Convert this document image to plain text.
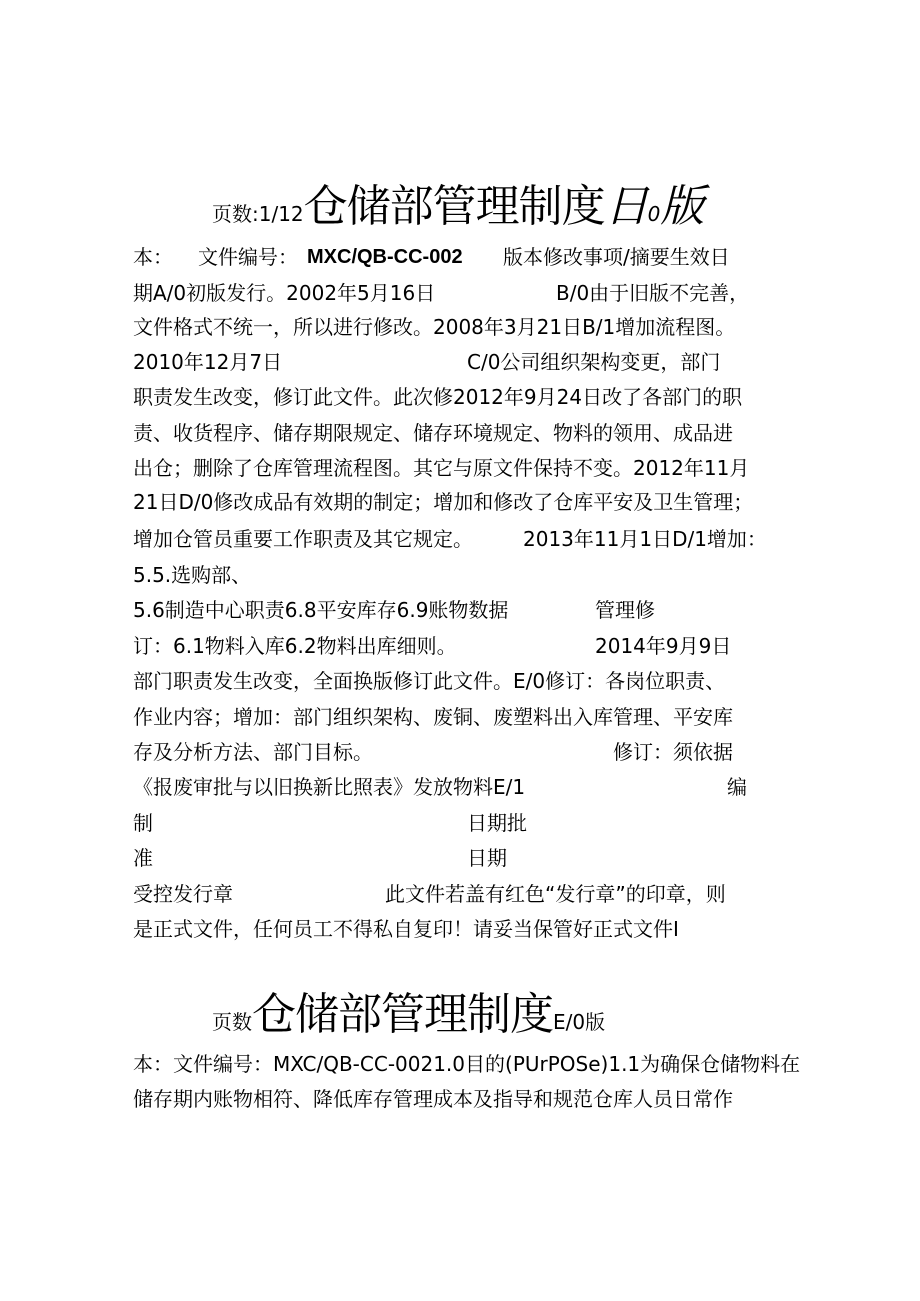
页数:1/12仓储部管理制度日0版
本： 文件编号： MXC/QB-CC-002 版本修改事项/摘要生效日
期A/0初版发行。2002年5月16日	B/0由于旧版不完善，
文件格式不统一，所以进行修改。2008年3月21日B/1增加流程图。
2010年12月7日	C/0公司组织架构变更，部门
职责发生改变，修订此文件。此次修2012年9月24日改了各部门的职
责、收货程序、储存期限规定、储存环境规定、物料的领用、成品进
出仓；删除了仓库管理流程图。其它与原文件保持不变。2012年11月
21日D/0修改成品有效期的制定；增加和修改了仓库平安及卫生管理；
增加仓管员重要工作职责及其它规定。	2013年11月1日D/1增加：
5.5.选购部、
5.6制造中心职责6.8平安库存6.9账物数据	管理修
订：6.1物料入库6.2物料出库细则。	2014年9月9日
部门职责发生改变，全面换版修订此文件。E/0修订：各岗位职责、
作业内容；增加：部门组织架构、废铜、废塑料出入库管理、平安库
存及分析方法、部门目标。	修订：须依据
《报废审批与以旧换新比照表》发放物料E/1	编
制	日期批
准	日期
受控发行章	此文件若盖有红色“发行章”的印章，则
是正式文件，任何员工不得私自复印！请妥当保管好正式文件I
页数仓储部管理制度E/0版
本：文件编号：MXC/QB-CC-0021.0目的(PUrPOSe)1.1为确保仓储物料在
储存期内账物相符、降低库存管理成本及指导和规范仓库人员日常作
